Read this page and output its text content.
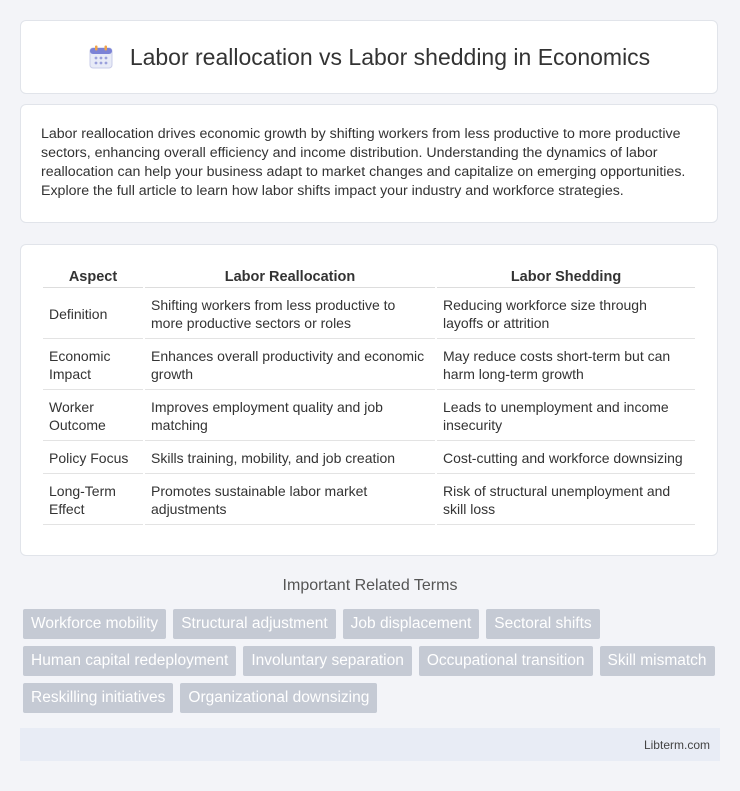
Labor reallocation vs Labor shedding in Economics

Labor reallocation drives economic growth by shifting workers from less productive to more productive sectors, enhancing overall efficiency and income distribution. Understanding the dynamics of labor reallocation can help your business adapt to market changes and capitalize on emerging opportunities. Explore the full article to learn how labor shifts impact your industry and workforce strategies.

Aspect	Labor Reallocation	Labor Shedding
Definition	Shifting workers from less productive to more productive sectors or roles	Reducing workforce size through layoffs or attrition
Economic Impact	Enhances overall productivity and economic growth	May reduce costs short-term but can harm long-term growth
Worker Outcome	Improves employment quality and job matching	Leads to unemployment and income insecurity
Policy Focus	Skills training, mobility, and job creation	Cost-cutting and workforce downsizing
Long-Term Effect	Promotes sustainable labor market adjustments	Risk of structural unemployment and skill loss
Important Related Terms
Workforce mobility	Structural adjustment	Job displacement	Sectoral shifts
Human capital redeployment	Involuntary separation	Occupational transition	Skill mismatch
Reskilling initiatives	Organizational downsizing
Libterm.com
